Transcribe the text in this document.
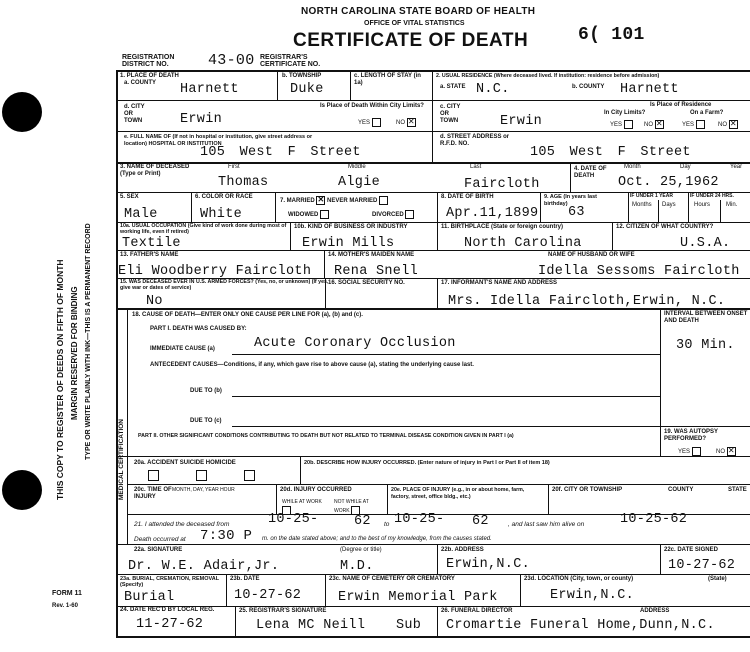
THIS COPY TO REGISTER OF DEEDS ON FIFTH OF MONTH MARGIN RESERVED FOR BINDING TYPE OR WRITE PLAINLY WITH INK—THIS IS A PERMANENT RECORD	MEDICAL CERTIFICATION
FORM 11
Rev. 1-60
NORTH CAROLINA STATE BOARD OF HEALTH
OFFICE OF VITAL STATISTICS
CERTIFICATE OF DEATH	6( 101
REGISTRATION DISTRICT NO.	43-00 REGISTRAR'S CERTIFICATE NO.
1. PLACE OF DEATH
a. COUNTY Harnett
b. TOWNSHIP
Duke
c. LENGTH OF STAY (in 1a)
2. USUAL RESIDENCE (Where deceased lived. If institution: residence before admission)
a. STATE N.C.	b. COUNTY Harnett
d. CITY OR TOWN	Erwin
Is Place of Death Within City Limits?
YES	NO ✕
c. CITY OR TOWN	Erwin
Is Place of Residence
In City Limits?	On a Farm?
YES	NO ✕	YES	NO ✕
e. FULL NAME OF (If not in hospital or institution, give street address or location) HOSPITAL OR INSTITUTION
105 West F Street
d. STREET ADDRESS or R.F.D. NO.
105 West F Street
3. NAME OF DECEASED (Type or Print)
First	Middle	Last
Thomas	Algie	Faircloth
4. DATE OF DEATH
Month	Day	Year
Oct. 25,1962
5. SEX
Male
6. COLOR OR RACE
White
7. MARRIED ✕ NEVER MARRIED
WIDOWED	DIVORCED
8. DATE OF BIRTH
Apr.11,1899
9. AGE (In years last birthday)
63
IF UNDER 1 YEAR	IF UNDER 24 HRS.
Months Days	Hours	Min.
10a. USUAL OCCUPATION (Give kind of work done during most of working life, even if retired)
Textile
10b. KIND OF BUSINESS OR INDUSTRY
Erwin Mills
11. BIRTHPLACE (State or foreign country)
North Carolina
12. CITIZEN OF WHAT COUNTRY?
U.S.A.
13. FATHER'S NAME
Eli Woodberry Faircloth
14. MOTHER'S MAIDEN NAME
Rena Snell
NAME OF HUSBAND OR WIFE
Idella Sessoms Faircloth
15. WAS DECEASED EVER IN U.S. ARMED FORCES? (Yes, no, or unknown) (If yes, give war or dates of service)
No
16. SOCIAL SECURITY NO.	17. INFORMANT'S NAME AND ADDRESS
Mrs. Idella Faircloth,Erwin, N.C.
18. CAUSE OF DEATH—ENTER ONLY ONE CAUSE PER LINE FOR (a), (b) and (c).	INTERVAL BETWEEN ONSET AND DEATH
PART I. DEATH WAS CAUSED BY:
IMMEDIATE CAUSE (a)	Acute Coronary Occlusion	30 Min.
ANTECEDENT CAUSES—Conditions, if any, which gave rise to above cause (a), stating the underlying cause last.
DUE TO (b)
DUE TO (c)
PART II. OTHER SIGNIFICANT CONDITIONS CONTRIBUTING TO DEATH BUT NOT RELATED TO TERMINAL DISEASE CONDITION GIVEN IN PART I (a)
19. WAS AUTOPSY PERFORMED?
YES	NO ✕
20a. ACCIDENT SUICIDE HOMICIDE	20b. DESCRIBE HOW INJURY OCCURRED. (Enter nature of injury in Part I or Part II of item 18)
20c. TIME OF INJURY
MONTH, DAY, YEAR HOUR	20d. INJURY OCCURRED
WHILE AT WORK	NOT WHILE AT WORK
20e. PLACE OF INJURY (e.g., in or about home, farm, factory, street, office bldg., etc.)
20f. CITY OR TOWNSHIP	COUNTY	STATE
21. I attended the deceased from	10-25-	62 to 10-25- 62	, and last saw him alive on	10-25-62
Death occurred at 7:30 P m. on the date stated above; and to the best of my knowledge, from the causes stated.
22a. SIGNATURE	(Degree or title)
Dr. W.E. Adair,Jr.	M.D.
22b. ADDRESS
Erwin,N.C.
22c. DATE SIGNED
10-27-62
23a. BURIAL, CREMATION, REMOVAL (Specify)
Burial
23b. DATE
10-27-62
23c. NAME OF CEMETERY OR CREMATORY
Erwin Memorial Park
23d. LOCATION (City, town, or county)	(State)
Erwin,N.C.
24. DATE REC'D BY LOCAL REG.
11-27-62
25. REGISTRAR'S SIGNATURE
Lena MC Neill Sub
26. FUNERAL DIRECTOR	ADDRESS
Cromartie Funeral Home,Dunn,N.C.
